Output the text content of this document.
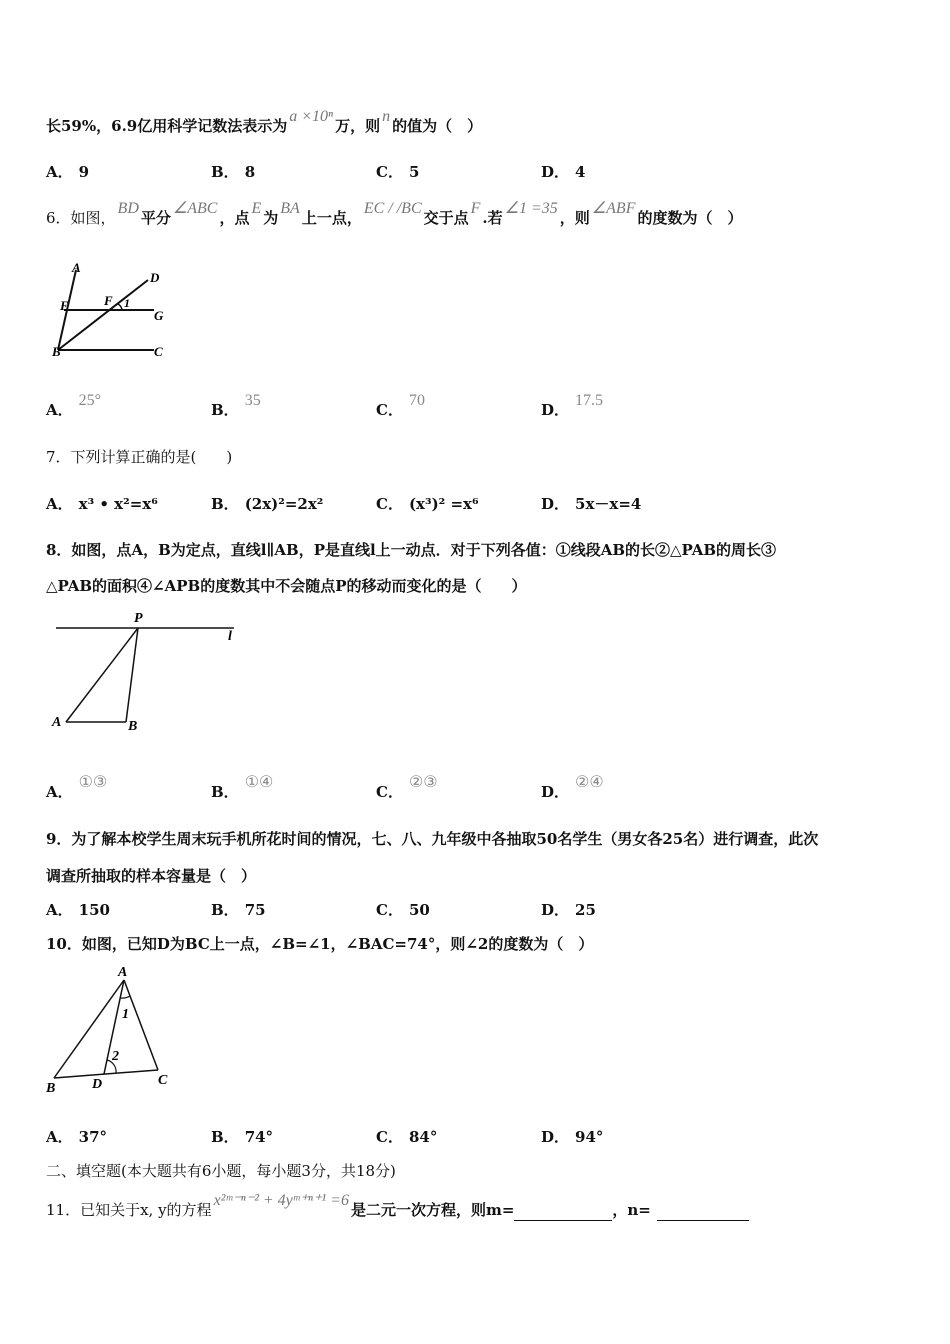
长59%，6.9亿用科学记数法表示为a ×10ⁿ万，则n的值为（　）
A． 9	B． 8	C． 5	D． 4
6．如图，BD平分∠ABC，点E为BA上一点，EC / /BC交于点F.若∠1 =35，则∠ABF的度数为（　）
A
D
E	F 1
G
B	C
A．25°
B．35
C．70
D．17.5
7．下列计算正确的是(　　)
A． x³ • x²=x⁶	B． (2x)²=2x²	C． (x³)² =x⁶	D． 5x－x=4
8．如图，点A，B为定点，直线l∥AB，P是直线l上一动点．对于下列各值：①线段AB的长②△PAB的周长③
△PAB的面积④∠APB的度数其中不会随点P的移动而变化的是（　　）
P
l
A	B
A．①③
B．①④
C．②③
D．②④
9．为了解本校学生周末玩手机所花时间的情况，七、八、九年级中各抽取50名学生（男女各25名）进行调查，此次
调查所抽取的样本容量是（　）
A． 150	B． 75	C． 50	D． 25
10．如图，已知D为BC上一点，∠B=∠1，∠BAC=74°，则∠2的度数为（　）
A
1
2
B	D	C
A． 37°	B． 74°	C． 84°	D． 94°
二、填空题(本大题共有6小题，每小题3分，共18分)
11．已知关于x, y的方程x²ᵐ⁻ⁿ⁻² + 4yᵐ⁺ⁿ⁺¹ =6是二元一次方程，则m=	，n=
